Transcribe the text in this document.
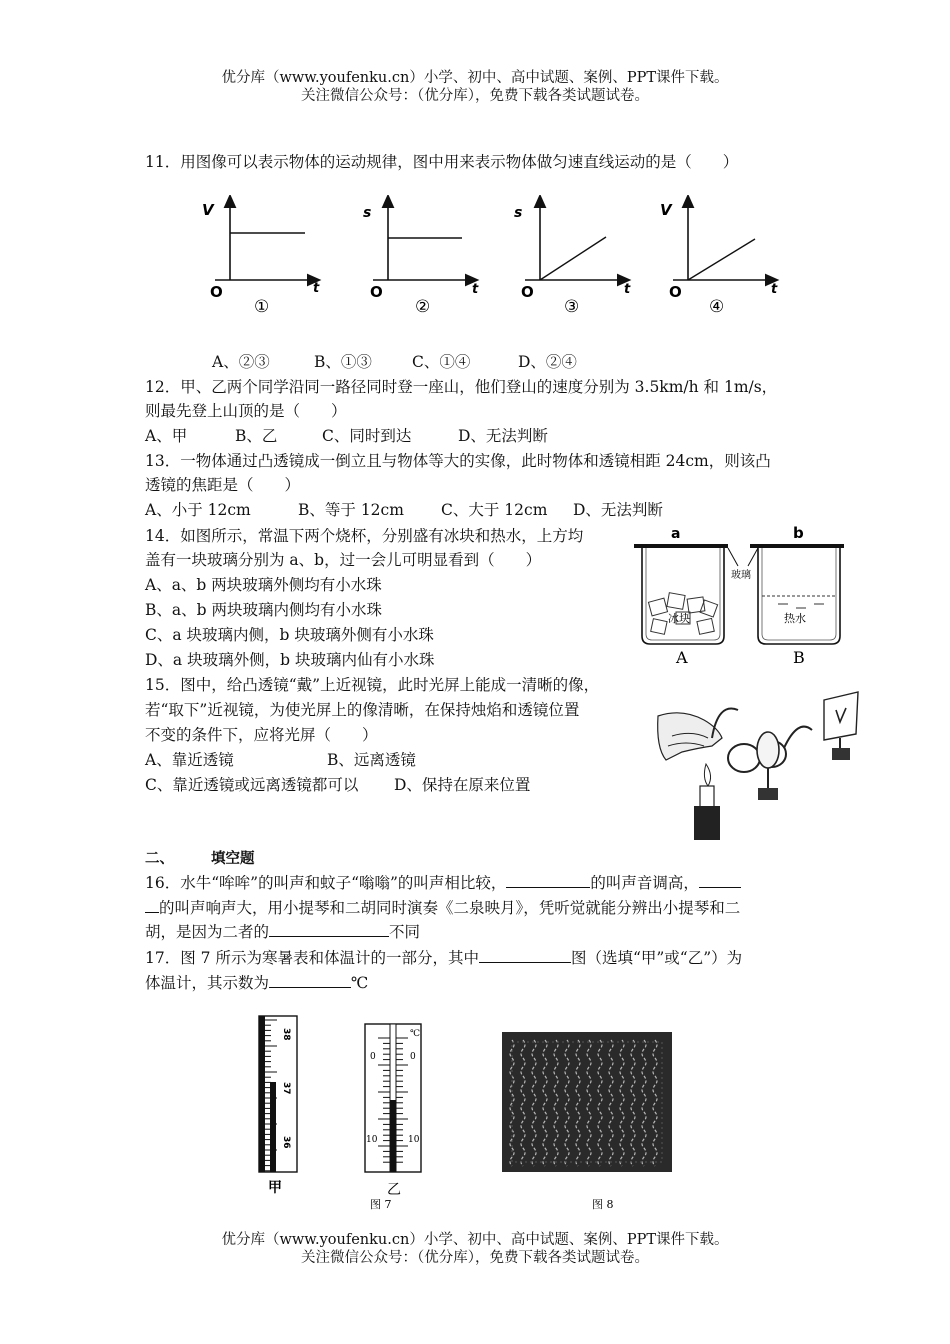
优分库（www.youfenku.cn）小学、初中、高中试题、案例、PPT课件下载。
关注微信公众号：（优分库），免费下载各类试题试卷。
11．用图像可以表示物体的运动规律，图中用来表示物体做匀速直线运动的是（　　）
V
O	t
①
s
O	t
②
s
O	t
③
V
O	t
④
A、②③	B、①③	C、①④	D、②④
12．甲、乙两个同学沿同一路径同时登一座山，他们登山的速度分别为 3.5km/h 和 1m/s，
则最先登上山顶的是（　　）
A、甲	B、乙	C、同时到达	D、无法判断
13．一物体通过凸透镜成一倒立且与物体等大的实像，此时物体和透镜相距 24cm，则该凸
透镜的焦距是（　　）
A、小于 12cm	B、等于 12cm C、大于 12cm D、无法判断
14．如图所示，常温下两个烧杯，分别盛有冰块和热水，上方均
盖有一块玻璃分别为 a、b，过一会儿可明显看到（　　）
A、a、b 两块玻璃外侧均有小水珠
B、a、b 两块玻璃内侧均有小水珠
C、a 块玻璃内侧，b 块玻璃外侧有小水珠
D、a 块玻璃外侧，b 块玻璃内仙有小水珠
a	b
冰块
玻璃
热水
A	B
15．图中，给凸透镜“戴”上近视镜，此时光屏上能成一清晰的像，
若“取下”近视镜，为使光屏上的像清晰，在保持烛焰和透镜位置
不变的条件下，应将光屏（　　）
A、靠近透镜	B、远离透镜
C、靠近透镜或远离透镜都可以 D、保持在原来位置
二、	填空题
16．水牛“哞哞”的叫声和蚊子“嗡嗡”的叫声相比较，	的叫声音调高，
的叫声响声大，用小提琴和二胡同时演奏《二泉映月》，凭听觉就能分辨出小提琴和二
胡，是因为二者的	不同
17．图 7 所示为寒暑表和体温计的一部分，其中	图（选填“甲”或“乙”）为
体温计，其示数为	℃
38
37
36
甲
℃
0	0
10	10
乙
图 7	图 8
优分库（www.youfenku.cn）小学、初中、高中试题、案例、PPT课件下载。
关注微信公众号：（优分库），免费下载各类试题试卷。
